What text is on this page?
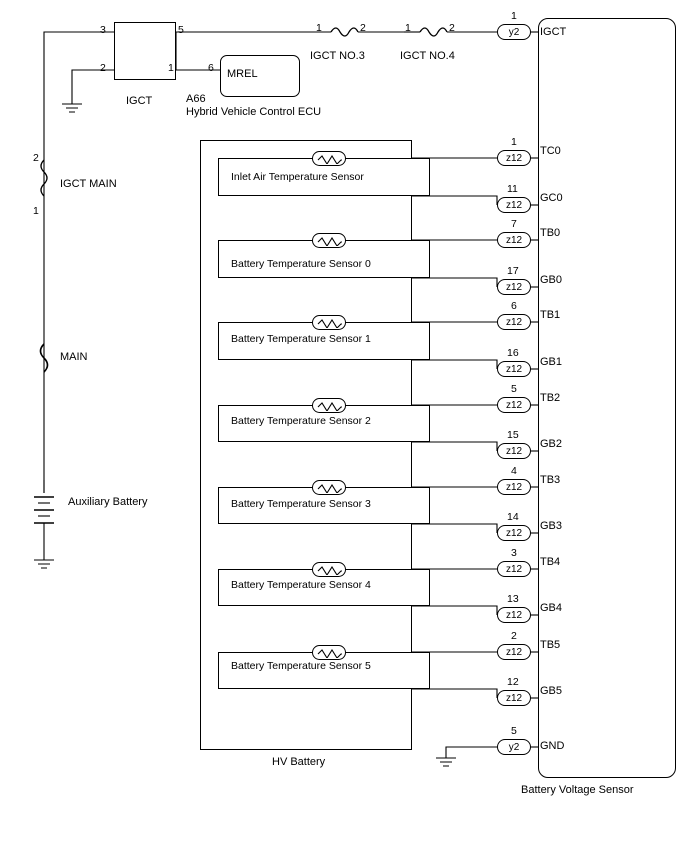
y2
z12
z12
z12
z12
z12
z12
z12
z12
z12
z12
z12
z12
z12
z12
y2
1
1
11
7
17
6
16
5
15
4
14
3
13
2
12
5
IGCT
TC0
GC0
TB0
GB0
TB1
GB1
TB2
GB2
TB3
GB3
TB4
GB4
TB5
GB5
GND
Inlet Air Temperature Sensor
Battery Temperature Sensor 0
Battery Temperature Sensor 1
Battery Temperature Sensor 2
Battery Temperature Sensor 3
Battery Temperature Sensor 4
Battery Temperature Sensor 5
3	5
2	1	6
IGCT
MREL
A66
Hybrid Vehicle Control ECU
1	2
IGCT NO.3
1	2
IGCT NO.4
2
1
IGCT MAIN
MAIN
Auxiliary Battery
HV Battery
Battery Voltage Sensor
